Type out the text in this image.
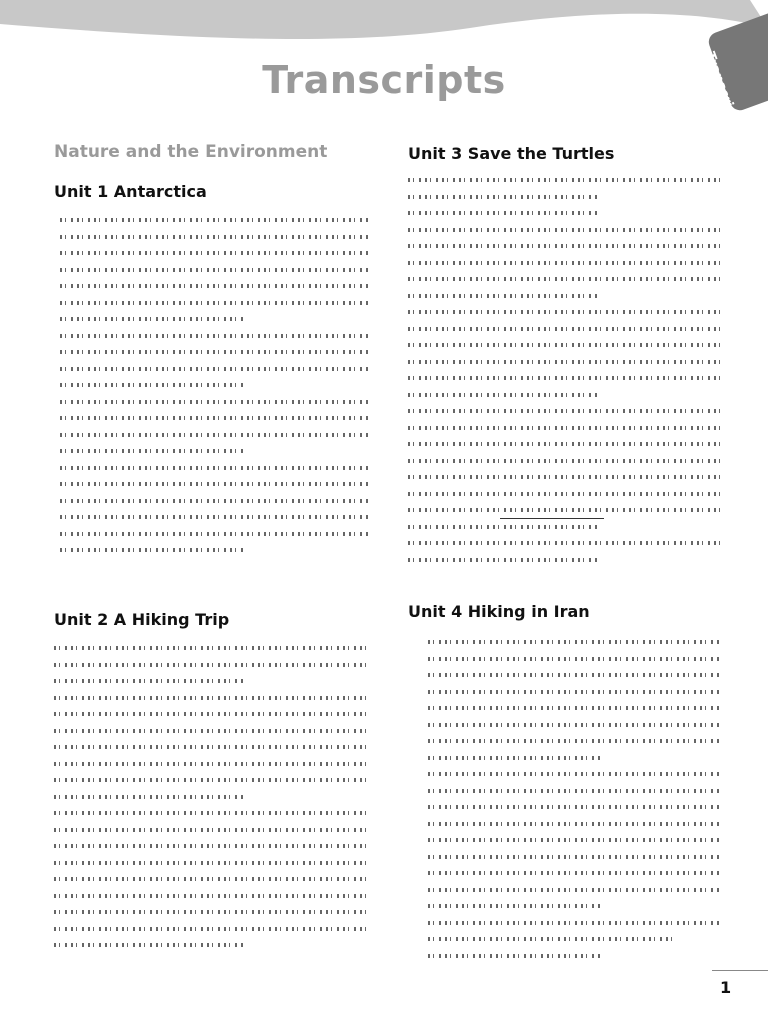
Transcripts
Transcripts
Nature and the Environment
Unit 1 Antarctica
Unit 2 A Hiking Trip
Unit 3 Save the Turtles
Unit 4 Hiking in Iran
1
